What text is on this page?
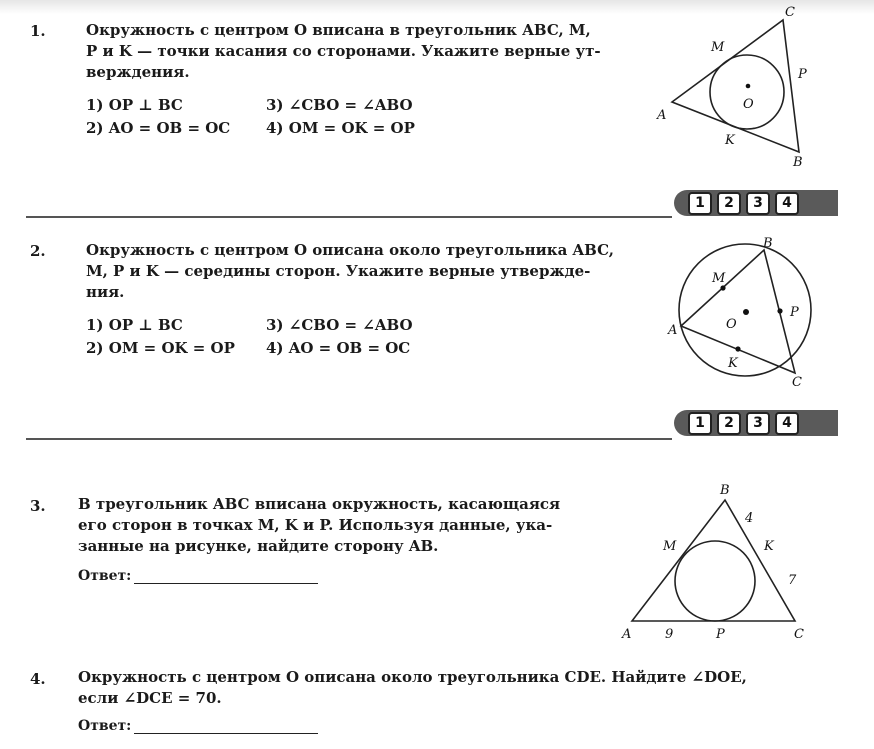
1.	Окружность с центром O вписана в треугольник ABC, M,
P и K — точки касания со сторонами. Укажите верные ут-
верждения.
1) OP ⊥ BC
2) AO = OB = OC
3) ∠CBO = ∠ABO
4) OM = OK = OP
C
M
P
O
A
K
B
1	2	3	4
2.	Окружность с центром O описана около треугольника ABC,
M, P и K — середины сторон. Укажите верные утвержде-
ния.
1) OP ⊥ BC
2) OM = OK = OP
3) ∠CBO = ∠ABO
4) AO = OB = OC
B
M
P
O
A
K
C
1	2	3	4
3. В треугольник ABC вписана окружность, касающаяся
его сторон в точках M, K и P. Используя данные, ука-
занные на рисунке, найдите сторону AB.
Ответ:
B
4
M	K
7
A	9	P	C
4. Окружность с центром O описана около треугольника CDE. Найдите ∠DOE,
если ∠DCE = 70.
Ответ:
